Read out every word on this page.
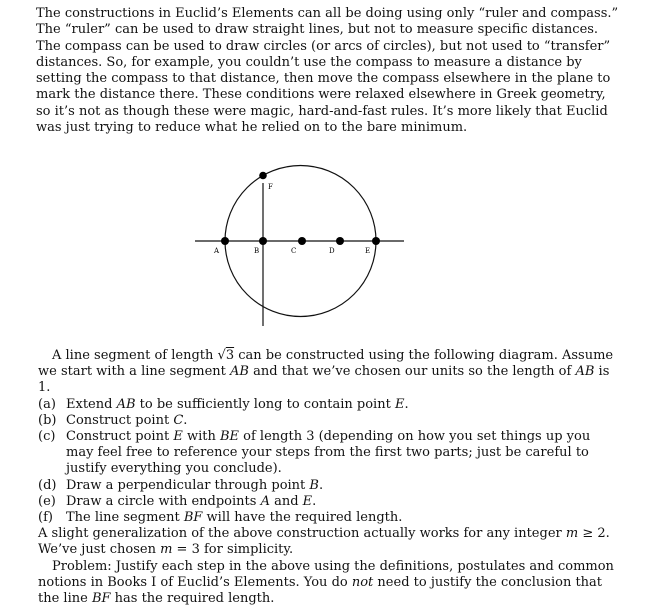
The constructions in Euclid’s Elements can all be doing using only “ruler and compass.” The “ruler” can be used to draw straight lines, but not to measure specific distances. The compass can be used to draw circles (or arcs of circles), but not used to “transfer” distances. So, for example, you couldn’t use the compass to measure a distance by setting the compass to that distance, then move the compass elsewhere in the plane to mark the distance there. These conditions were relaxed elsewhere in Greek geometry, so it’s not as though these were magic, hard-and-fast rules. It’s more likely that Euclid was just trying to reduce what he relied on to the bare minimum.
F
A	B	C	D	E

A line segment of length √3 can be constructed using the following diagram. Assume we start with a line segment AB and that we’ve chosen our units so the length of AB is 1.

(a) Extend AB to be sufficiently long to contain point E.
(b) Construct point C.
(c) Construct point E with BE of length 3 (depending on how you set things up you may feel free to reference your steps from the first two parts; just be careful to justify everything you conclude).
(d) Draw a perpendicular through point B.
(e) Draw a circle with endpoints A and E.
(f)	The line segment BF will have the required length.

A slight generalization of the above construction actually works for any integer m ≥ 2. We’ve just chosen m = 3 for simplicity.

Problem: Justify each step in the above using the definitions, postulates and common notions in Books I of Euclid’s Elements. You do not need to justify the conclusion that the line BF has the required length.
